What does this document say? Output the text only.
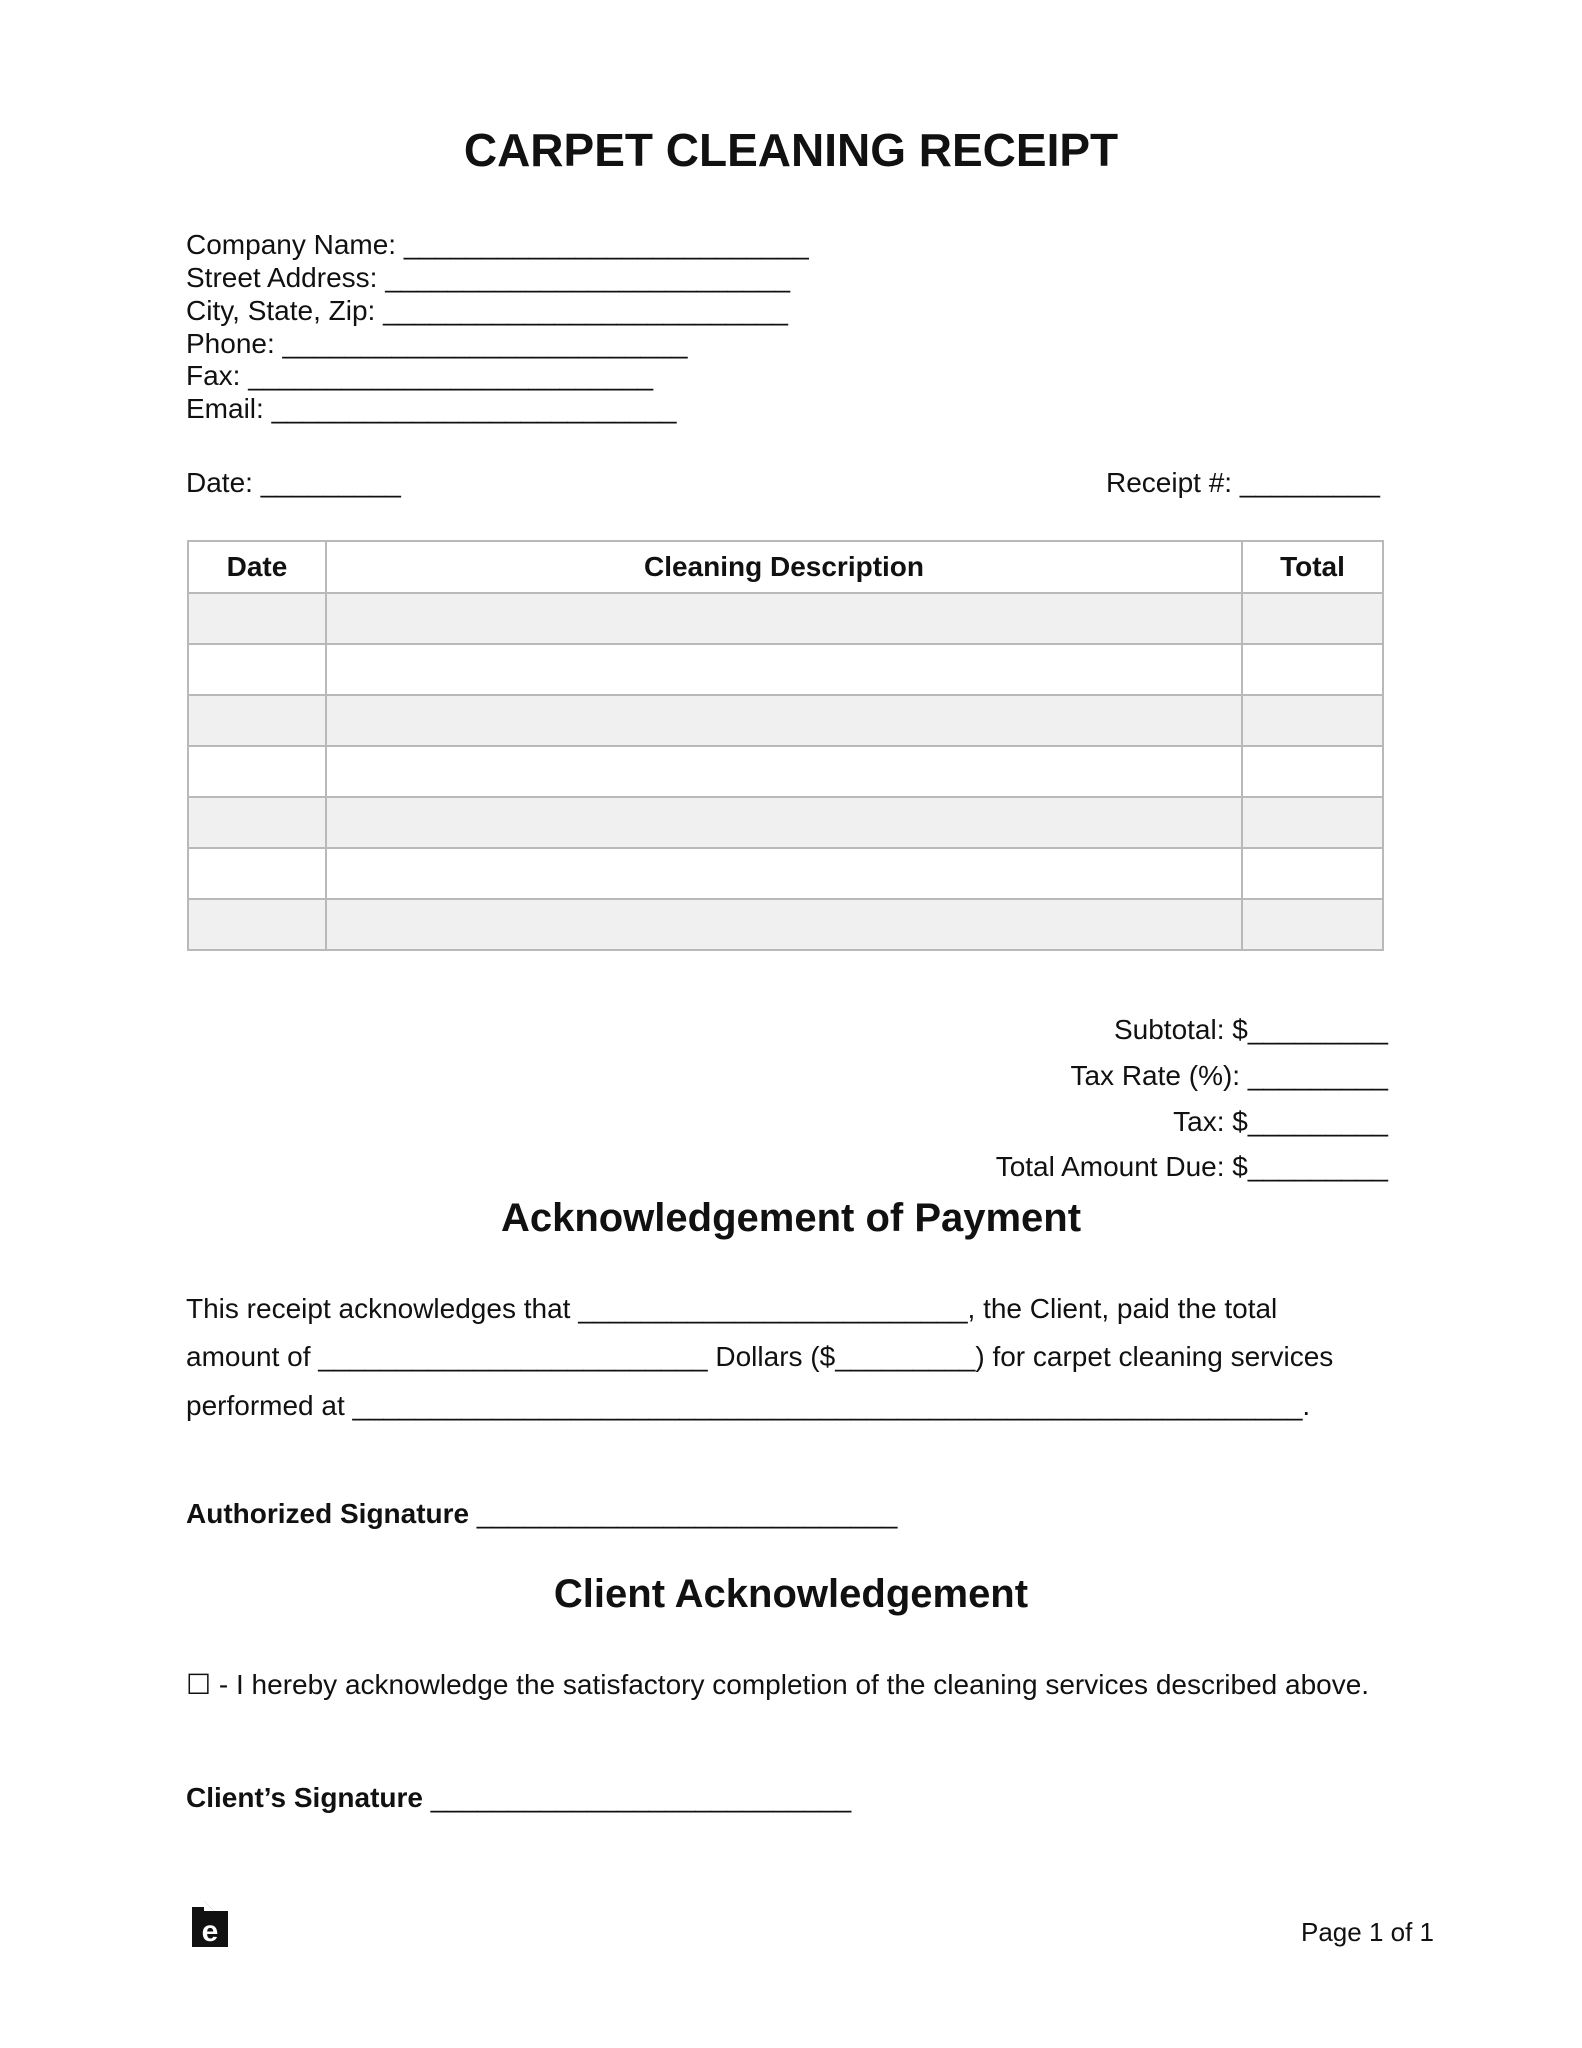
CARPET CLEANING RECEIPT
Company Name: __________________________
Street Address: __________________________
City, State, Zip: __________________________
Phone: __________________________
Fax: __________________________
Email: __________________________
Date: _________	Receipt #: _________
Date	Cleaning Description	Total

Subtotal: $_________
Tax Rate (%): _________
Tax: $_________
Total Amount Due: $_________
Acknowledgement of Payment
This receipt acknowledges that _________________________, the Client, paid the total
amount of _________________________ Dollars ($_________) for carpet cleaning services
performed at _____________________________________________________________.
Authorized Signature ___________________________
Client Acknowledgement
☐ - I hereby acknowledge the satisfactory completion of the cleaning services described above.
Client’s Signature ___________________________
e	Page 1 of 1
